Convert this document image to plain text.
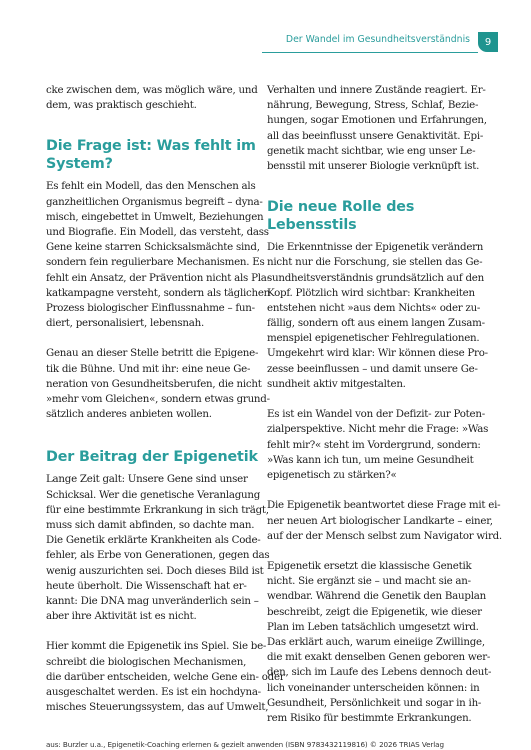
Der Wandel im Gesundheitsverständnis	9
cke zwischen dem, was möglich wäre, und
dem, was praktisch geschieht.
Die Frage ist: Was fehlt im
System?
Es fehlt ein Modell, das den Menschen als
ganzheitlichen Organismus begreift – dyna-
misch, eingebettet in Umwelt, Beziehungen
und Biografie. Ein Modell, das versteht, dass
Gene keine starren Schicksalsmächte sind,
sondern fein regulierbare Mechanismen. Es
fehlt ein Ansatz, der Prävention nicht als Pla-
katkampagne versteht, sondern als täglichen
Prozess biologischer Einflussnahme – fun-
diert, personalisiert, lebensnah.
Genau an dieser Stelle betritt die Epigene-
tik die Bühne. Und mit ihr: eine neue Ge-
neration von Gesundheitsberufen, die nicht
»mehr vom Gleichen«, sondern etwas grund-
sätzlich anderes anbieten wollen.
Der Beitrag der Epigenetik
Lange Zeit galt: Unsere Gene sind unser
Schicksal. Wer die genetische Veranlagung
für eine bestimmte Erkrankung in sich trägt,
muss sich damit abfinden, so dachte man.
Die Genetik erklärte Krankheiten als Code-
fehler, als Erbe von Generationen, gegen das
wenig auszurichten sei. Doch dieses Bild ist
heute überholt. Die Wissenschaft hat er-
kannt: Die DNA mag unveränderlich sein –
aber ihre Aktivität ist es nicht.
Hier kommt die Epigenetik ins Spiel. Sie be-
schreibt die biologischen Mechanismen,
die darüber entscheiden, welche Gene ein- oder
ausgeschaltet werden. Es ist ein hochdyna-
misches Steuerungssystem, das auf Umwelt,
Verhalten und innere Zustände reagiert. Er-
nährung, Bewegung, Stress, Schlaf, Bezie-
hungen, sogar Emotionen und Erfahrungen,
all das beeinflusst unsere Genaktivität. Epi-
genetik macht sichtbar, wie eng unser Le-
bensstil mit unserer Biologie verknüpft ist.
Die neue Rolle des
Lebensstils
Die Erkenntnisse der Epigenetik verändern
nicht nur die Forschung, sie stellen das Ge-
sundheitsverständnis grundsätzlich auf den
Kopf. Plötzlich wird sichtbar: Krankheiten
entstehen nicht »aus dem Nichts« oder zu-
fällig, sondern oft aus einem langen Zusam-
menspiel epigenetischer Fehlregulationen.
Umgekehrt wird klar: Wir können diese Pro-
zesse beeinflussen – und damit unsere Ge-
sundheit aktiv mitgestalten.
Es ist ein Wandel von der Defizit- zur Poten-
zialperspektive. Nicht mehr die Frage: »Was
fehlt mir?« steht im Vordergrund, sondern:
»Was kann ich tun, um meine Gesundheit
epigenetisch zu stärken?«
Die Epigenetik beantwortet diese Frage mit ei-
ner neuen Art biologischer Landkarte – einer,
auf der der Mensch selbst zum Navigator wird.
Epigenetik ersetzt die klassische Genetik
nicht. Sie ergänzt sie – und macht sie an-
wendbar. Während die Genetik den Bauplan
beschreibt, zeigt die Epigenetik, wie dieser
Plan im Leben tatsächlich umgesetzt wird.
Das erklärt auch, warum eineiige Zwillinge,
die mit exakt denselben Genen geboren wer-
den, sich im Laufe des Lebens dennoch deut-
lich voneinander unterscheiden können: in
Gesundheit, Persönlichkeit und sogar in ih-
rem Risiko für bestimmte Erkrankungen.
aus: Burzler u.a., Epigenetik-Coaching erlernen & gezielt anwenden (ISBN 9783432119816) © 2026 TRIAS Verlag
